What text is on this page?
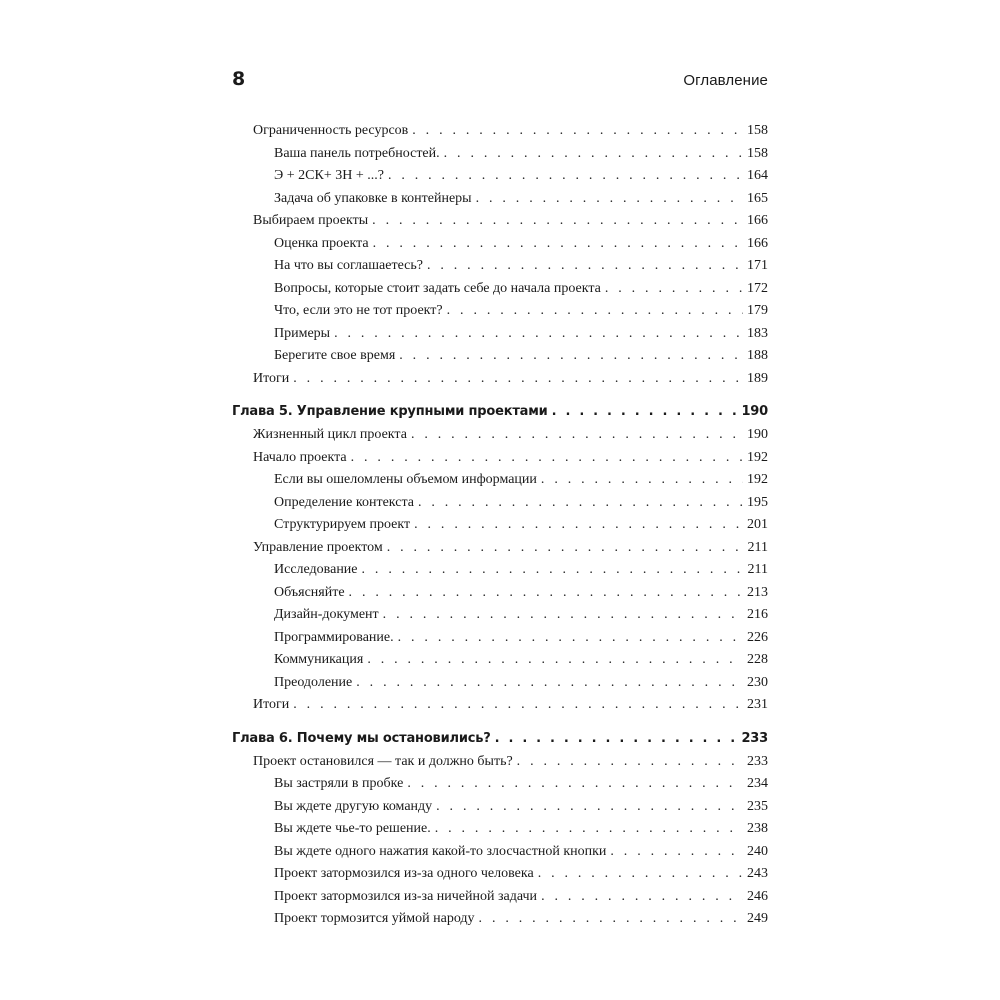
8	Оглавление
Ограниченность ресурсов . . .	158
Ваша панель потребностей. . . .	158
Э + 2СК+ 3Н + ...? . . .	164
Задача об упаковке в контейнеры . . .	165
Выбираем проекты . . .	166
Оценка проекта . . .	166
На что вы соглашаетесь? . . .	171
Вопросы, которые стоит задать себе до начала проекта . . .	172
Что, если это не тот проект? . . .	179
Примеры . . .	183
Берегите свое время . . .	188
Итоги . . .	189
Глава 5. Управление крупными проектами . . .	190
Жизненный цикл проекта . . .	190
Начало проекта . . .	192
Если вы ошеломлены объемом информации . . .	192
Определение контекста . . .	195
Структурируем проект . . .	201
Управление проектом . . .	211
Исследование . . .	211
Объясняйте . . .	213
Дизайн-документ . . .	216
Программирование. . . .	226
Коммуникация . . .	228
Преодоление . . .	230
Итоги . . .	231
Глава 6. Почему мы остановились? . . .	233
Проект остановился — так и должно быть? . . .	233
Вы застряли в пробке . . .	234
Вы ждете другую команду . . .	235
Вы ждете чье-то решение. . . .	238
Вы ждете одного нажатия какой-то злосчастной кнопки . . .	240
Проект затормозился из-за одного человека . . .	243
Проект затормозился из-за ничейной задачи . . .	246
Проект тормозится уймой народу . . .	249
